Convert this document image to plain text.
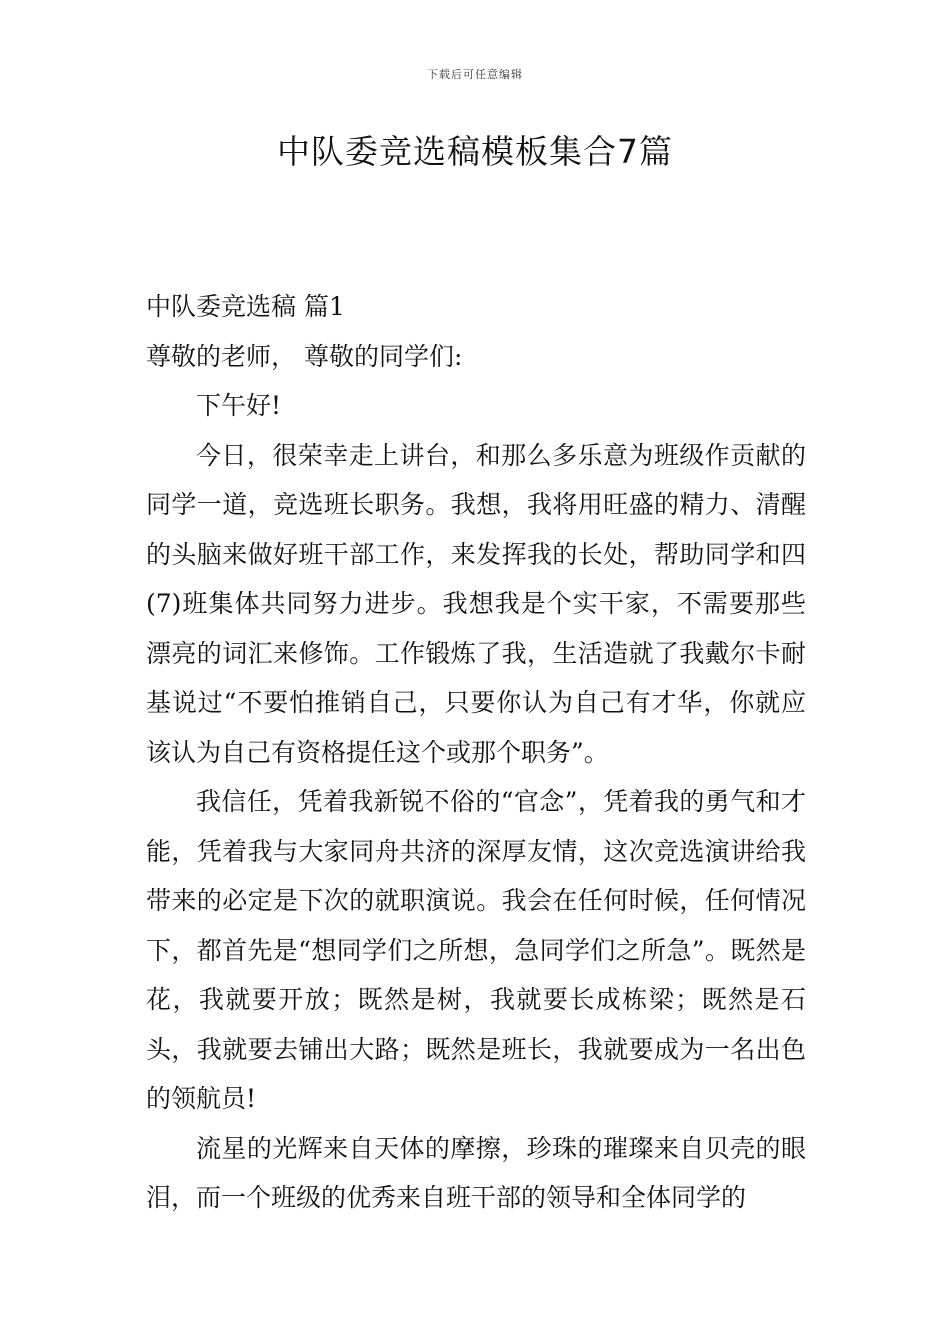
下载后可任意编辑
中队委竞选稿模板集合7篇

中队委竞选稿 篇1

尊敬的老师， 尊敬的同学们:

下午好!

今日，很荣幸走上讲台，和那么多乐意为班级作贡献的同学一道，竞选班长职务。我想，我将用旺盛的精力、清醒的头脑来做好班干部工作，来发挥我的长处，帮助同学和四(7)班集体共同努力进步。我想我是个实干家，不需要那些漂亮的词汇来修饰。工作锻炼了我，生活造就了我戴尔卡耐基说过“不要怕推销自己，只要你认为自己有才华，你就应该认为自己有资格提任这个或那个职务”。

我信任，凭着我新锐不俗的“官念”，凭着我的勇气和才能，凭着我与大家同舟共济的深厚友情，这次竞选演讲给我带来的必定是下次的就职演说。我会在任何时候，任何情况下，都首先是“想同学们之所想，急同学们之所急”。既然是花，我就要开放；既然是树，我就要长成栋梁；既然是石头，我就要去铺出大路；既然是班长，我就要成为一名出色的领航员!

流星的光辉来自天体的摩擦，珍珠的璀璨来自贝壳的眼泪，而一个班级的优秀来自班干部的领导和全体同学的
